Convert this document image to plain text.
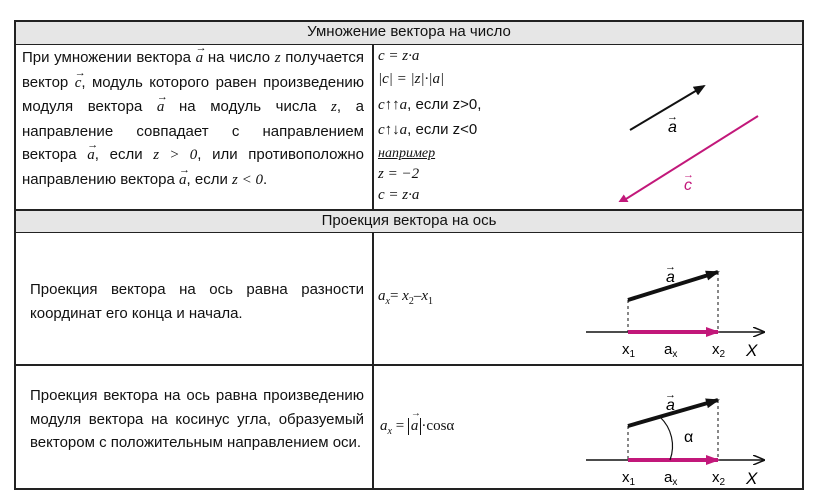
Умножение вектора на число
При умножении вектора
→
a на число z получается вектор
→
c, модуль которого равен произведению модуля вектора
→
a на модуль числа z, а направление совпадает с направлением вектора
→
a, если z > 0, или противоположно направлению вектора
→
a, если z < 0.
c = z·a
|c| = |z|·|a|
c↑↑a, если z>0,
c↑↓a, если z<0
например
z = −2
c = z·a
a
→
c
→
Проекция вектора на ось
Проекция вектора на ось равна разности координат его конца и начала.
$a_x= x_2-x_1$
a
→
$x_1$ $a_x$ $x_2$ X
Проекция вектора на ось равна произведению модуля вектора на косинус угла, образуемый вектором с положительным направлением оси.
$a_x$ =
→
a ·cosα
α
a
→
$x_1$ $a_x$ $x_2$ X
